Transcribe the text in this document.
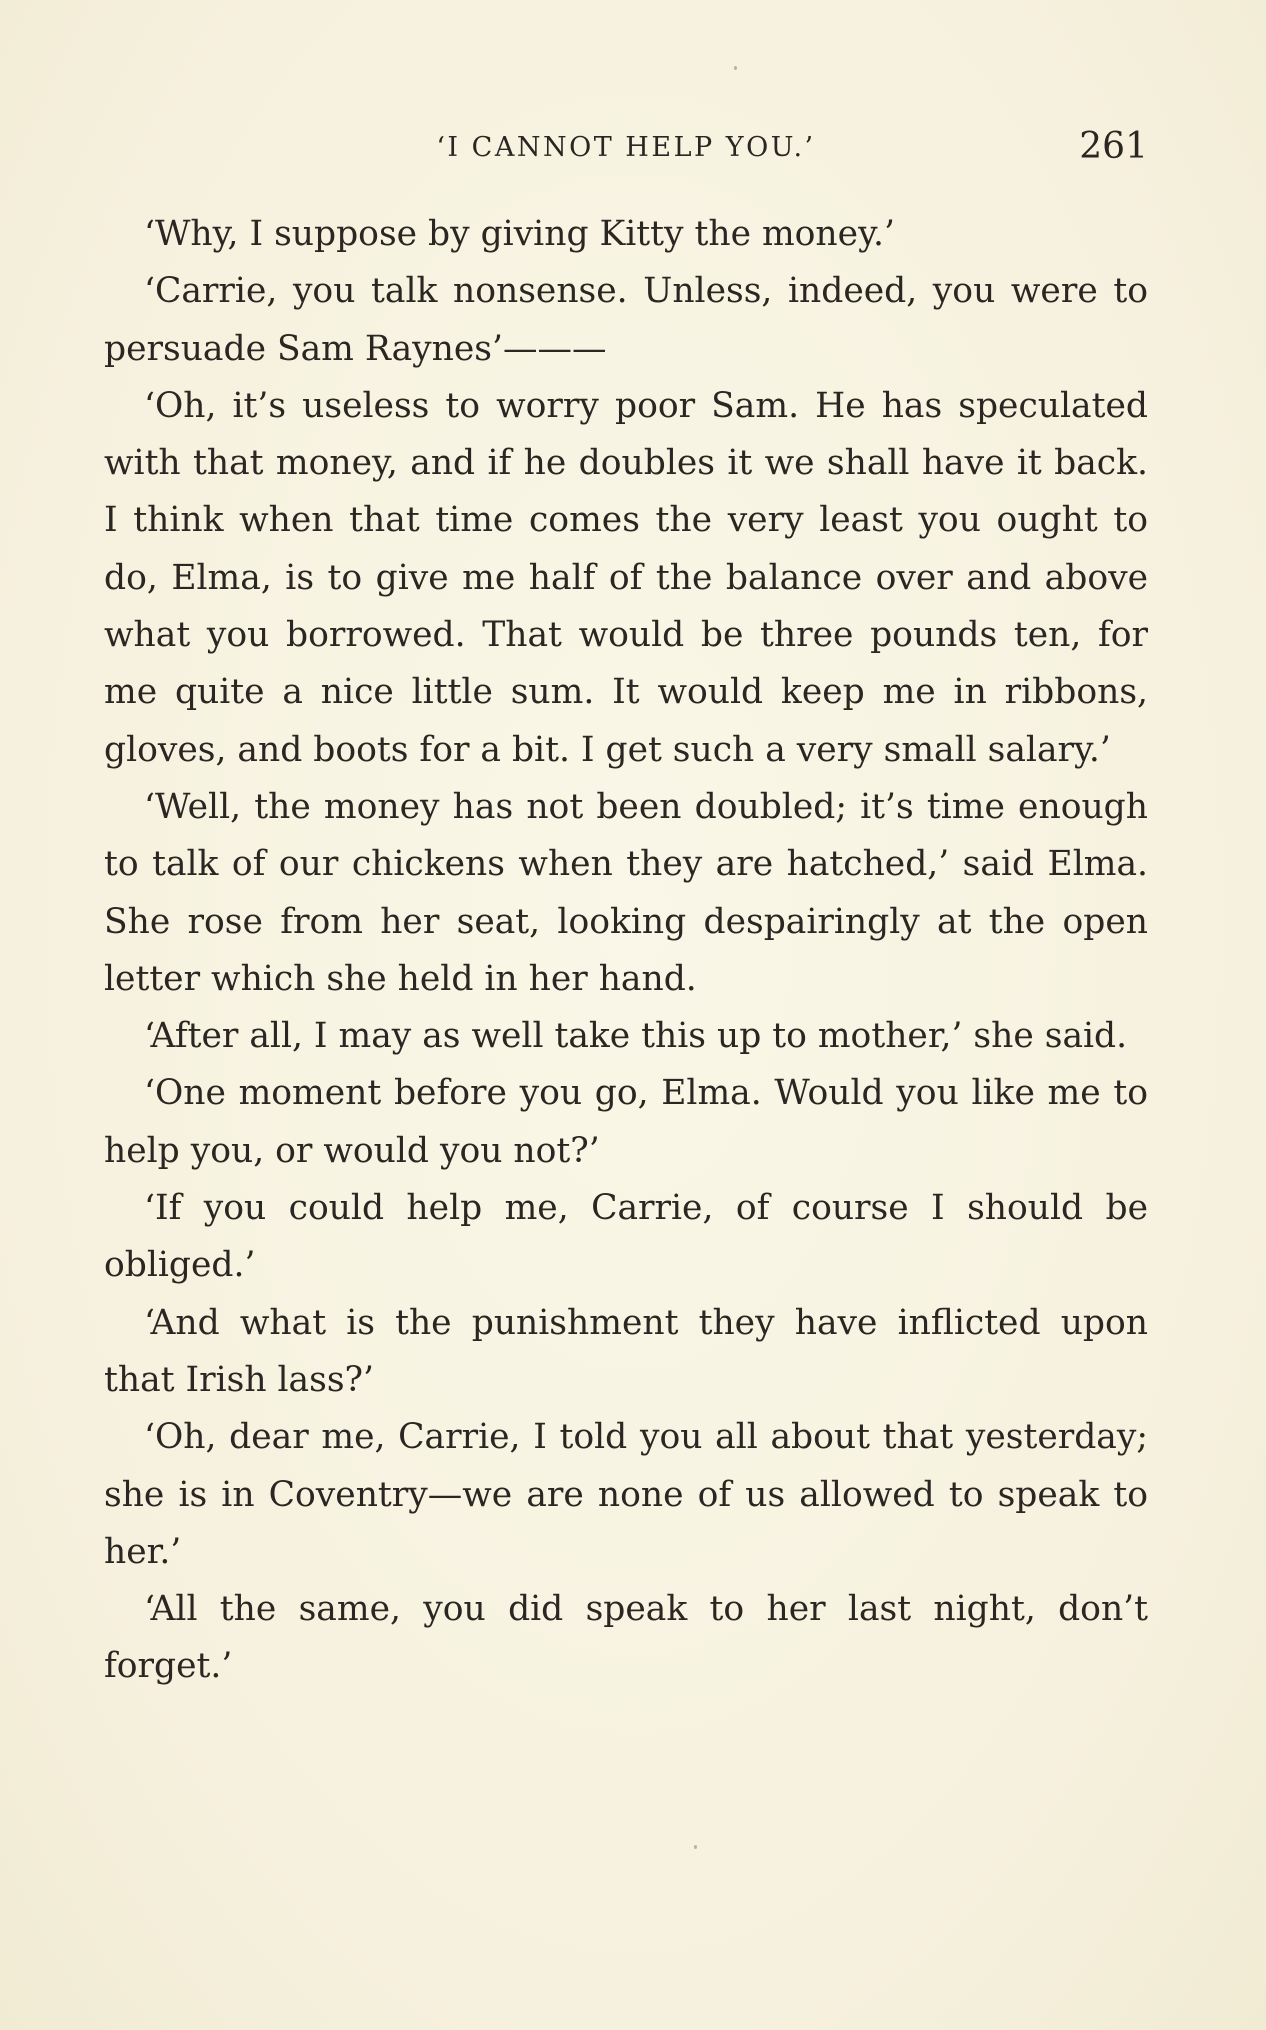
‘I CANNOT HELP YOU.’	261

‘Why, I suppose by giving Kitty the money.’

‘Carrie, you talk nonsense. Unless, indeed, you were to persuade Sam Raynes’———

‘Oh, it’s useless to worry poor Sam. He has speculated with that money, and if he doubles it we shall have it back. I think when that time comes the very least you ought to do, Elma, is to give me half of the balance over and above what you borrowed. That would be three pounds ten, for me quite a nice little sum. It would keep me in ribbons, gloves, and boots for a bit. I get such a very small salary.’

‘Well, the money has not been doubled; it’s time enough to talk of our chickens when they are hatched,’ said Elma. She rose from her seat, looking despairingly at the open letter which she held in her hand.

‘After all, I may as well take this up to mother,’ she said.

‘One moment before you go, Elma. Would you like me to help you, or would you not?’

‘If you could help me, Carrie, of course I should be obliged.’

‘And what is the punishment they have inflicted upon that Irish lass?’

‘Oh, dear me, Carrie, I told you all about that yesterday; she is in Coventry—we are none of us allowed to speak to her.’

‘All the same, you did speak to her last night, don’t forget.’
